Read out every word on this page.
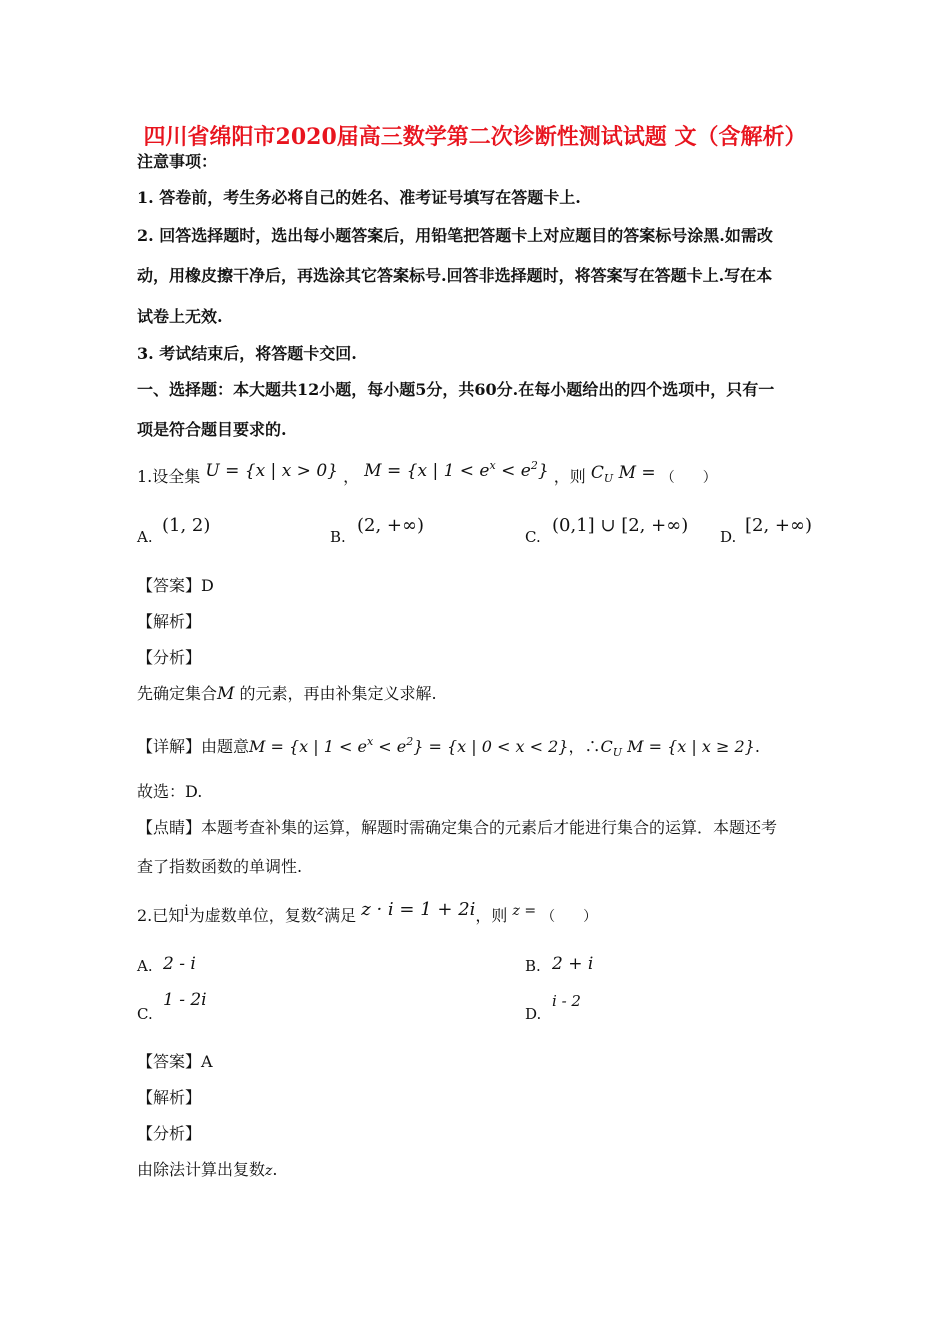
四川省绵阳市2020届高三数学第二次诊断性测试试题 文（含解析）
注意事项：
1. 答卷前，考生务必将自己的姓名、准考证号填写在答题卡上.
2. 回答选择题时，选出每小题答案后，用铅笔把答题卡上对应题目的答案标号涂黑.如需改
动，用橡皮擦干净后，再选涂其它答案标号.回答非选择题时，将答案写在答题卡上.写在本
试卷上无效.
3. 考试结束后，将答题卡交回.
一、选择题：本大题共12小题，每小题5分，共60分.在每小题给出的四个选项中，只有一
项是符合题目要求的.
1.设全集 U = {x | x > 0} ， M = {x | $1 < e^x < e^2$} ，则 $C_U$ M = （　　）
A.
(1, 2)
B.
(2, +∞)
C.
(0,1] ∪ [2, +∞)
D.
[2, +∞)
【答案】D
【解析】
【分析】
先确定集合M 的元素，再由补集定义求解.
【详解】由题意M = {x | $1 < e^x < e^2\} = \{x$ | 0 < x < 2}，$\therefore C_U$ M = {x | x ≥ 2}.
故选：D.
【点睛】本题考查补集的运算，解题时需确定集合的元素后才能进行集合的运算．本题还考
查了指数函数的单调性.
2.已知i为虚数单位，复数z满足 z · i = 1 + 2i，则 z = （　　）
A. 2 - i	B. 2 + i
C.
1 - 2i
D.
i - 2
【答案】A
【解析】
【分析】
由除法计算出复数z.
